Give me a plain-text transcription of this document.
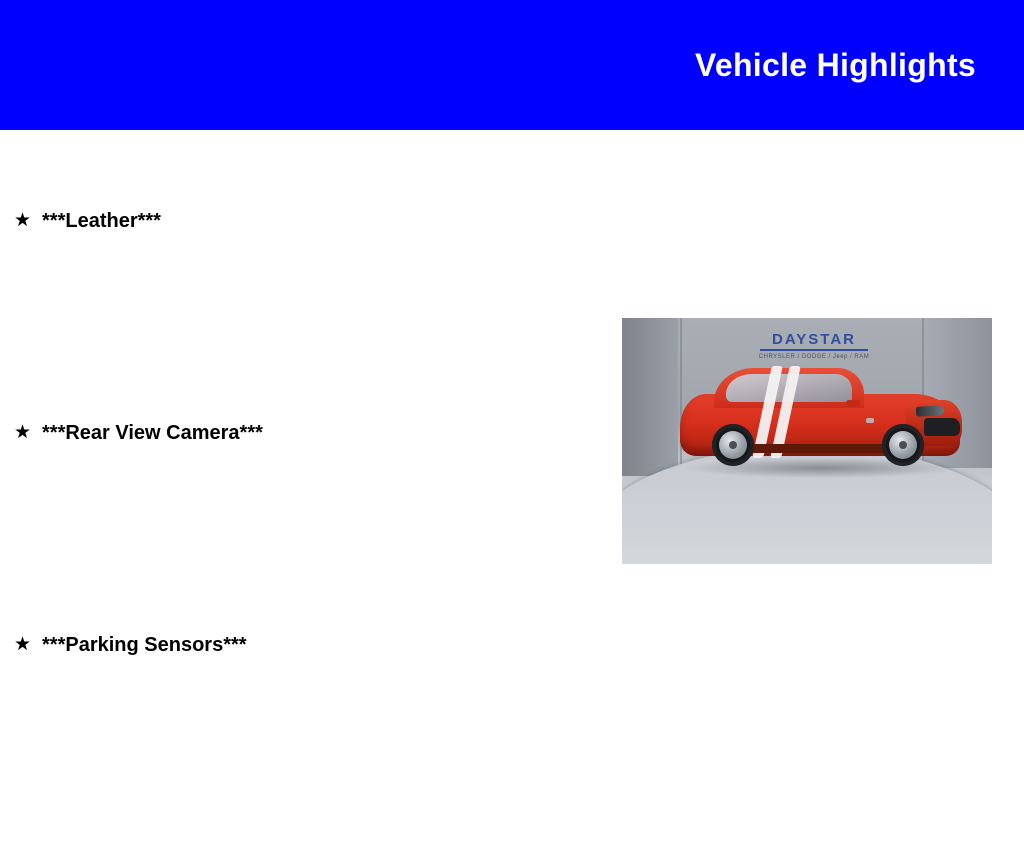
Vehicle Highlights
★ ***Leather***
★ ***Rear View Camera***
★ ***Parking Sensors***
DAYSTAR
CHRYSLER / DODGE / Jeep / RAM
